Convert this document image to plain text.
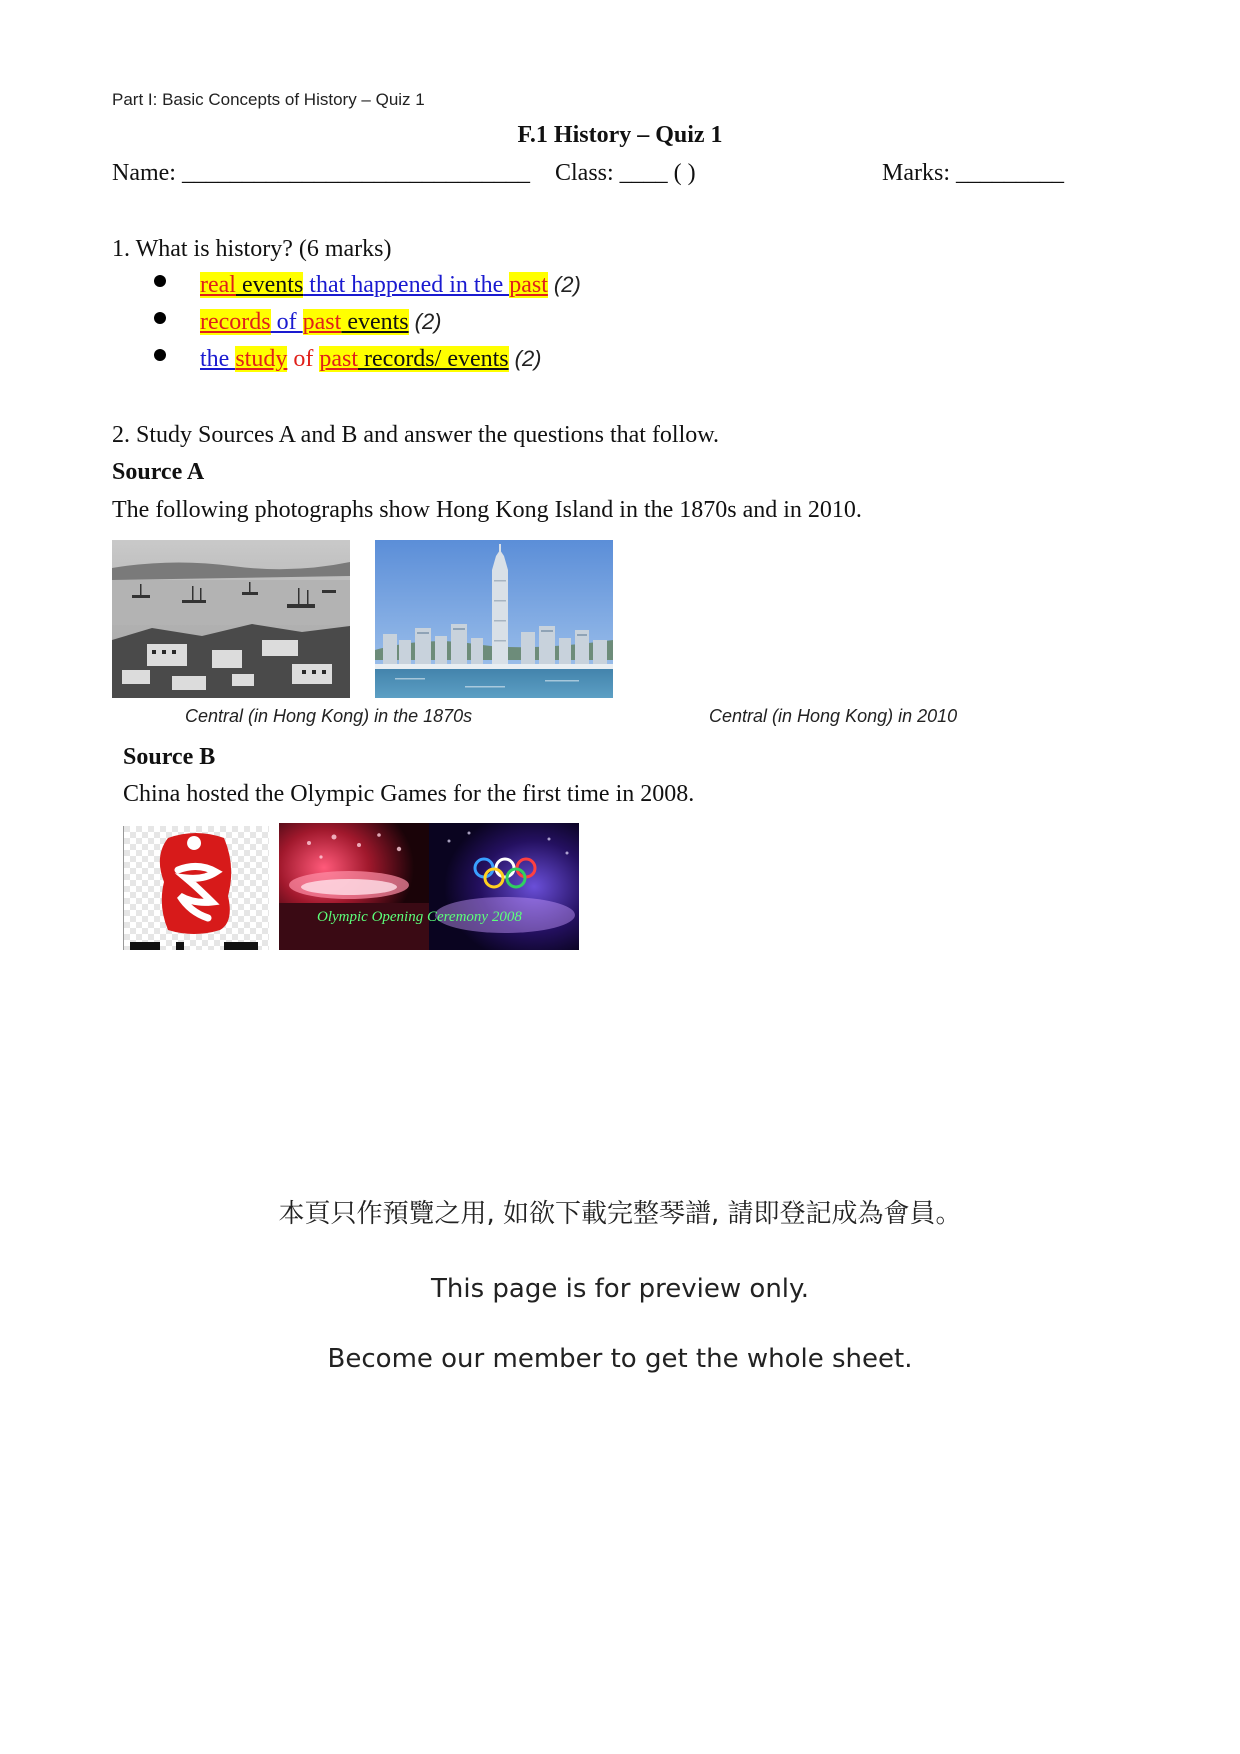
Part I: Basic Concepts of History – Quiz 1
F.1 History – Quiz 1
Name: _____________________________ Class: ____ ( )	Marks: _________
1. What is history? (6 marks)
real events that happened in the past (2)
records of past events (2)
the study of past records/ events (2)
2. Study Sources A and B and answer the questions that follow.
Source A
The following photographs show Hong Kong Island in the 1870s and in 2010.
Central (in Hong Kong) in the 1870s	Central (in Hong Kong) in 2010
Source B
China hosted the Olympic Games for the first time in 2008.
Olympic Opening Ceremony 2008
本頁只作預覽之用, 如欲下載完整琴譜, 請即登記成為會員。
This page is for preview only.
Become our member to get the whole sheet.
